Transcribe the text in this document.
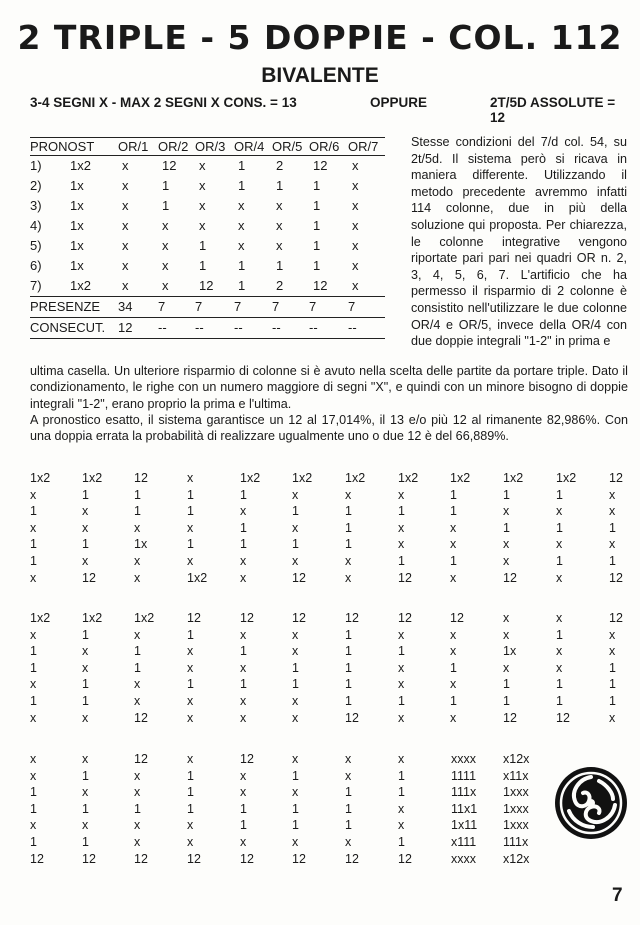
2 TRIPLE - 5 DOPPIE - COL. 112
BIVALENTE
3-4 SEGNI X - MAX 2 SEGNI X CONS. = 13	OPPURE	2T/5D ASSOLUTE = 12
PRONOST OR/1 OR/2 OR/3 OR/4 OR/5 OR/6 OR/7
1) 1x2 x	12 x	1 2 12 x
2) 1x	x	1 x	1 1 1 x
3) 1x	x	1 x	x x 1 x
4) 1x	x	x x	x x 1 x
5) 1x	x	x 1 x x 1 x
6) 1x	x	x 1 1 1 1 x
7) 1x2 x	x 12 1 2 12 x
PRESENZE 34 7 7 7 7 7 7
CONSECUT. 12 -- -- -- -- -- --
Stesse condizioni del 7/d col. 54, su 2t/5d. Il sistema però si ricava in maniera differente. Utilizzando il metodo precedente avremmo infatti 114 colonne, due in più della soluzione qui proposta. Per chiarezza, le colonne integrative vengono riportate pari pari nei quadri OR n. 2, 3, 4, 5, 6, 7. L'artificio che ha permesso il risparmio di 2 colonne è consistito nell'utilizzare le due colonne OR/4 e OR/5, invece della OR/4 con due doppie integrali "1-2" in prima e
ultima casella. Un ulteriore risparmio di colonne si è avuto nella scelta delle partite da portare triple. Dato il condizionamento, le righe con un numero maggiore di segni "X", e quindi con un minore bisogno di doppie integrali "1-2", erano proprio la prima e l'ultima.
A pronostico esatto, il sistema garantisce un 12 al 17,014%, il 13 e/o più 12 al rimanente 82,986%. Con una doppia errata la probabilità di realizzare ugualmente uno o due 12 è del 66,889%.
1x2	1x2	12	x	1x2	1x2	1x2	1x2	1x2	1x2	1x2	12
x	1	1	1	1	x	x	x	1	1	1	x
1	x	1	1	x	1	1	1	1	x	x	x
x	x	x	x	1	x	1	x	x	1	1	1
1	1	1x	1	1	1	1	x	x	x	x	x
1	x	x	x	x	x	x	1	1	x	1	1
x	12	x	1x2	x	12	x	12	x	12	x	12
1x2	1x2	1x2	12	12	12	12	12	12	x	x	12
x	1	x	1	x	x	1	x	x	x	1	x
1	x	1	x	1	x	1	1	x	1x	x	x
1	x	1	x	x	1	1	x	1	x	x	1
x	1	x	1	1	1	1	x	x	1	1	1
1	1	x	x	x	x	1	1	1	1	1	1
x	x	12	x	x	x	12	x	x	12	12	x
x	x	12	x	12	x	x	x	xxxx x12x
x	1	x	1	x	1	x	1	1111 x11x
1	x	x	1	x	x	1	1	111x 1xxx
1	1	1	1	1	1	1	x	11x1 1xxx
x	x	x	x	1	1	1	x	1x11 1xxx
1	1	x	x	x	x	x	1	x111 111x
12	12	12	12	12	12	12	12	xxxx x12x
7
